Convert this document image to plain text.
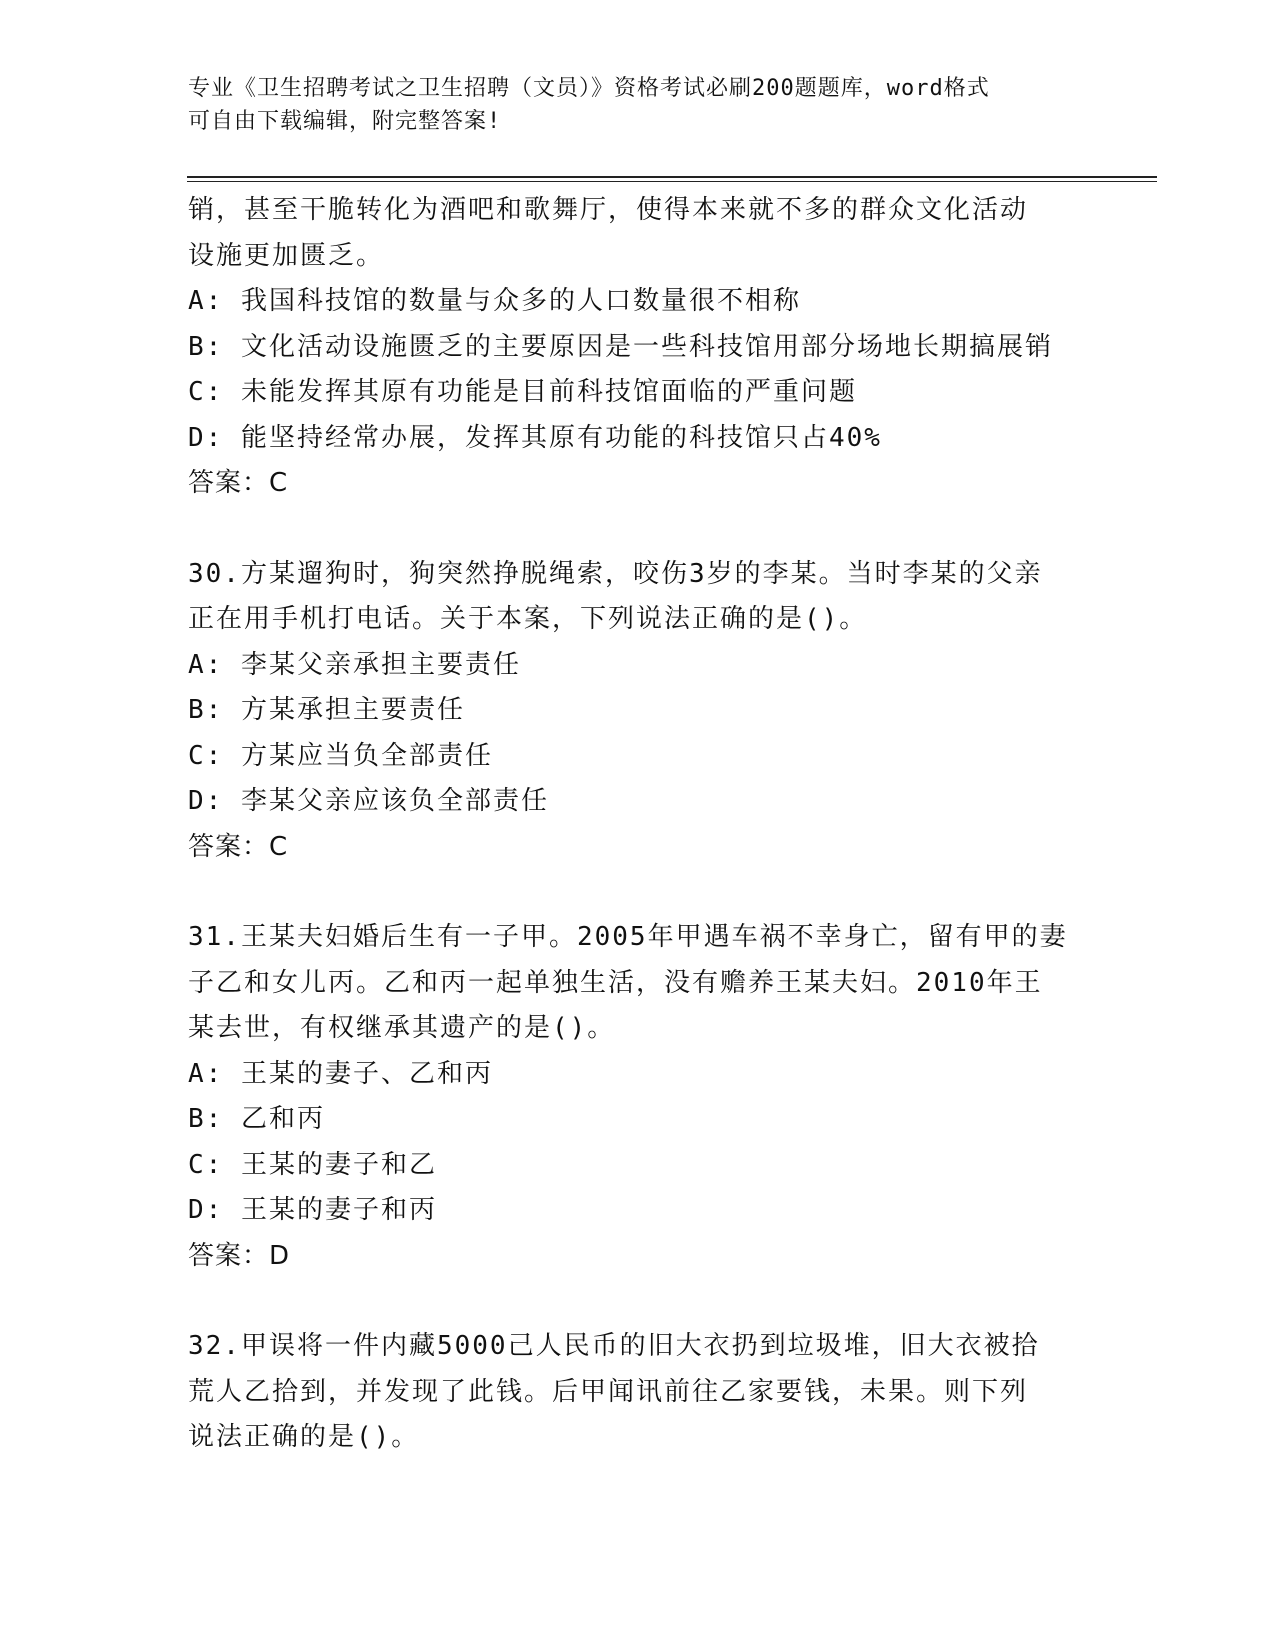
专业《卫生招聘考试之卫生招聘（文员）》资格考试必刷200题题库，word格式
可自由下载编辑，附完整答案!
销，甚至干脆转化为酒吧和歌舞厅，使得本来就不多的群众文化活动
设施更加匮乏。
A: 我国科技馆的数量与众多的人口数量很不相称
B: 文化活动设施匮乏的主要原因是一些科技馆用部分场地长期搞展销
C: 未能发挥其原有功能是目前科技馆面临的严重问题
D: 能坚持经常办展，发挥其原有功能的科技馆只占40%
答案：C
30.方某遛狗时，狗突然挣脱绳索，咬伤3岁的李某。当时李某的父亲
正在用手机打电话。关于本案，下列说法正确的是()。
A: 李某父亲承担主要责任
B: 方某承担主要责任
C: 方某应当负全部责任
D: 李某父亲应该负全部责任
答案：C
31.王某夫妇婚后生有一子甲。2005年甲遇车祸不幸身亡，留有甲的妻
子乙和女儿丙。乙和丙一起单独生活，没有赡养王某夫妇。2010年王
某去世，有权继承其遗产的是()。
A: 王某的妻子、乙和丙
B: 乙和丙
C: 王某的妻子和乙
D: 王某的妻子和丙
答案：D
32.甲误将一件内藏5000己人民币的旧大衣扔到垃圾堆，旧大衣被拾
荒人乙拾到，并发现了此钱。后甲闻讯前往乙家要钱，未果。则下列
说法正确的是()。
